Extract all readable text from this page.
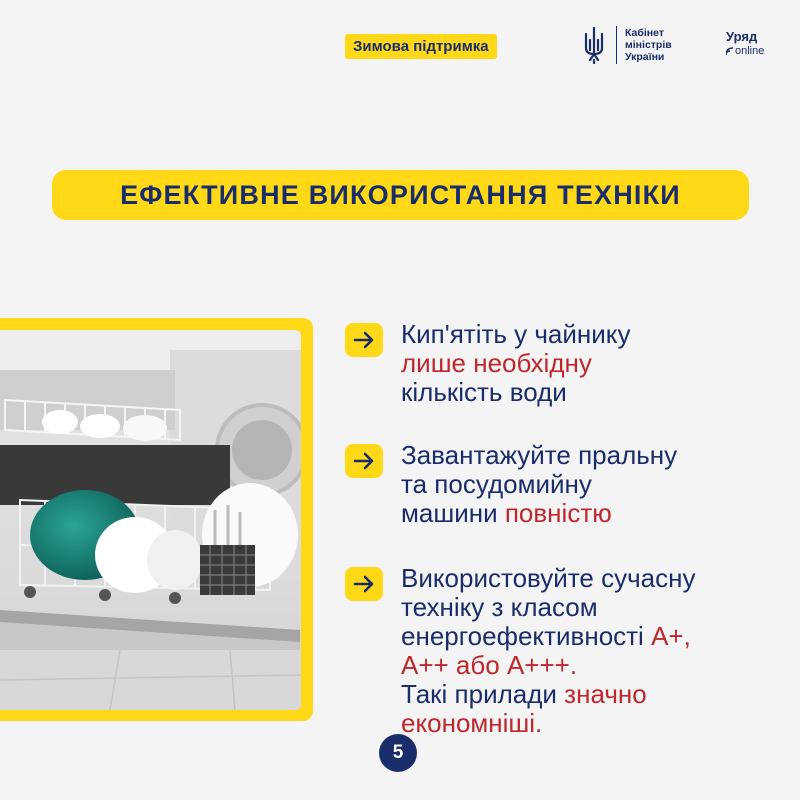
Зимова підтримка
Кабінет
міністрів
України
Уряд
online
ЕФЕКТИВНЕ ВИКОРИСТАННЯ ТЕХНІКИ
Кип'ятіть у чайнику
лише необхідну
кількість води
Завантажуйте пральну
та посудомийну
машини повністю
Використовуйте сучасну
техніку з класом
енергоефективності А+,
А++ або А+++.
Такі прилади значно
економніші.
5
